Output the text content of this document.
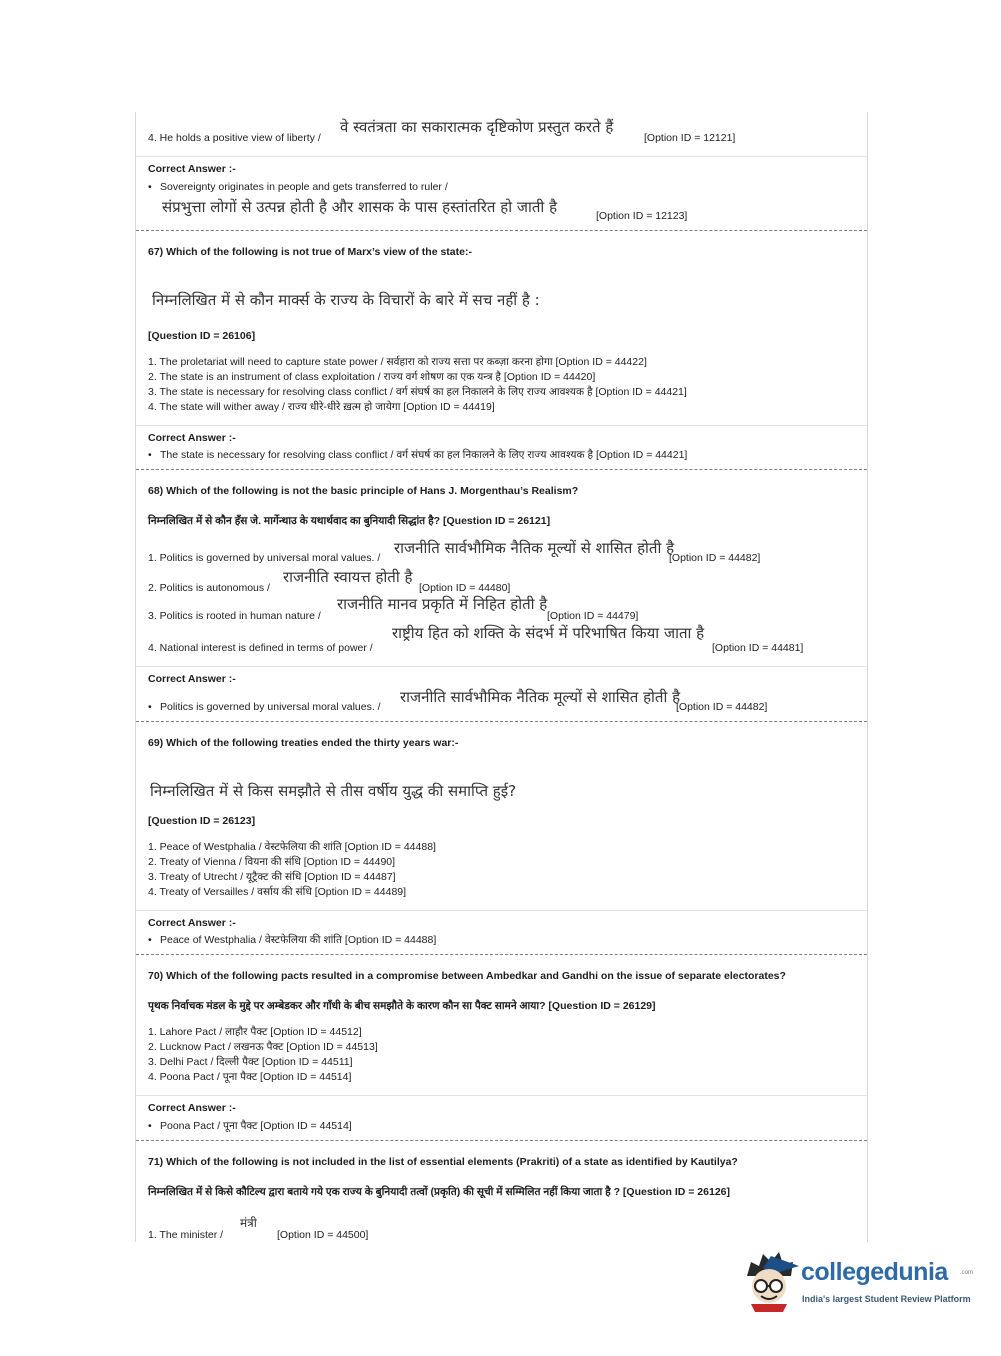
4. He holds a positive view of liberty /
वे स्वतंत्रता का सकारात्मक दृष्टिकोण प्रस्तुत करते हैं
[Option ID = 12121]
Correct Answer :-
• Sovereignty originates in people and gets transferred to ruler /
संप्रभुत्ता लोगों से उत्पन्न होती है और शासक के पास हस्तांतरित हो जाती है	[Option ID = 12123]
67) Which of the following is not true of Marx’s view of the state:-
निम्नलिखित में से कौन मार्क्स के राज्य के विचारों के बारे में सच नहीं है :
[Question ID = 26106]
1. The proletariat will need to capture state power / सर्वहारा को राज्य सत्ता पर कब्ज़ा करना होगा [Option ID = 44422]
2. The state is an instrument of class exploitation / राज्य वर्ग शोषण का एक यन्त्र है [Option ID = 44420]
3. The state is necessary for resolving class conflict / वर्ग संघर्ष का हल निकालने के लिए राज्य आवश्यक है [Option ID = 44421]
4. The state will wither away / राज्य धीरे-धीरे ख़त्म हो जायेगा [Option ID = 44419]
Correct Answer :-
• The state is necessary for resolving class conflict / वर्ग संघर्ष का हल निकालने के लिए राज्य आवश्यक है [Option ID = 44421]
68) Which of the following is not the basic principle of Hans J. Morgenthau’s Realism?
निम्नलिखित में से कौन हँस जे. मार्गेन्थाउ के यथार्थवाद का बुनियादी सिद्धांत है? [Question ID = 26121]
1. Politics is governed by universal moral values. /
राजनीति सार्वभौमिक नैतिक मूल्यों से शासित होती है
[Option ID = 44482]
2. Politics is autonomous /
राजनीति स्वायत्त होती है
[Option ID = 44480]
3. Politics is rooted in human nature /
राजनीति मानव प्रकृति में निहित होती है
[Option ID = 44479]
4. National interest is defined in terms of power /
राष्ट्रीय हित को शक्ति के संदर्भ में परिभाषित किया जाता है
[Option ID = 44481]
Correct Answer :-
• Politics is governed by universal moral values. /
राजनीति सार्वभौमिक नैतिक मूल्यों से शासित होती है
[Option ID = 44482]
69) Which of the following treaties ended the thirty years war:-
निम्नलिखित में से किस समझौते से तीस वर्षीय युद्ध की समाप्ति हुई?
[Question ID = 26123]
1. Peace of Westphalia / वेस्टफेलिया की शांति [Option ID = 44488]
2. Treaty of Vienna / वियना की संधि [Option ID = 44490]
3. Treaty of Utrecht / यूट्रैक्ट की संधि [Option ID = 44487]
4. Treaty of Versailles / वर्साय की संधि [Option ID = 44489]
Correct Answer :-
• Peace of Westphalia / वेस्टफेलिया की शांति [Option ID = 44488]
70) Which of the following pacts resulted in a compromise between Ambedkar and Gandhi on the issue of separate electorates?
पृथक निर्वाचक मंडल के मुद्दे पर अम्बेडकर और गाँधी के बीच समझौते के कारण कौन सा पैक्ट सामने आया? [Question ID = 26129]
1. Lahore Pact / लाहौर पैक्ट [Option ID = 44512]
2. Lucknow Pact / लखनऊ पैक्ट [Option ID = 44513]
3. Delhi Pact / दिल्ली पैक्ट [Option ID = 44511]
4. Poona Pact / पूना पैक्ट [Option ID = 44514]
Correct Answer :-
• Poona Pact / पूना पैक्ट [Option ID = 44514]
71) Which of the following is not included in the list of essential elements (Prakriti) of a state as identified by Kautilya?
निम्नलिखित में से किसे कौटिल्य द्वारा बताये गये एक राज्य के बुनियादी तत्वों (प्रकृति) की सूची में सम्मिलित नहीं किया जाता है ? [Question ID = 26126]
1. The minister /
मंत्री
[Option ID = 44500]
collegedunia .com
India's largest Student Review Platform
